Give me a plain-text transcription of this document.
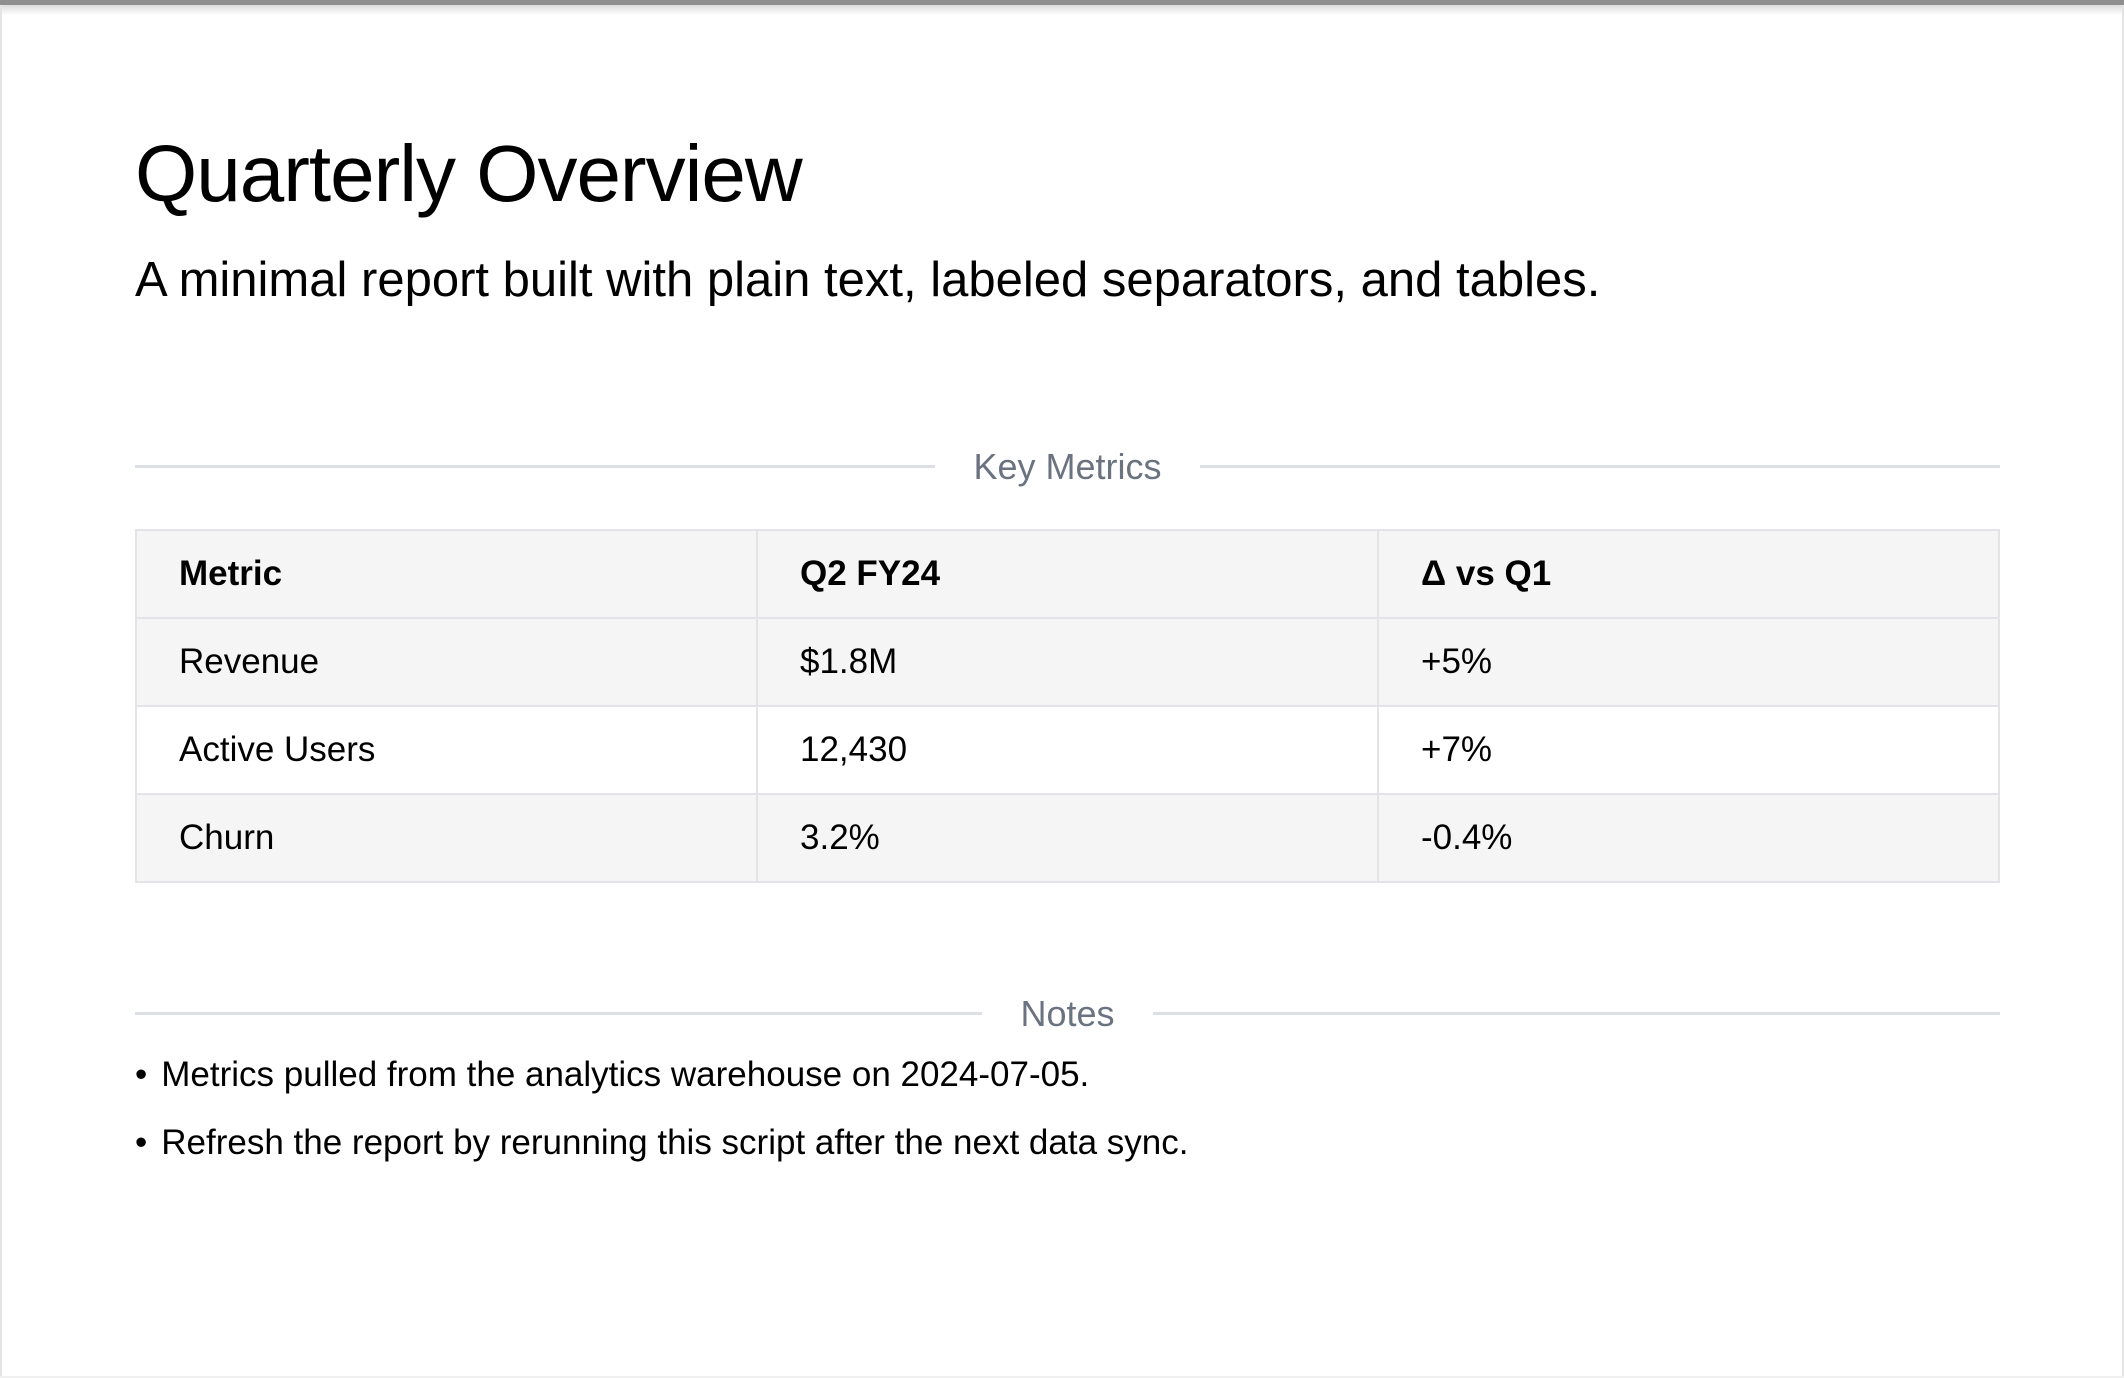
Quarterly Overview

A minimal report built with plain text, labeled separators, and tables.

Key Metrics
Metric	Q2 FY24	Δ vs Q1
Revenue	$1.8M	+5%
Active Users	12,430	+7%
Churn	3.2%	-0.4%
Notes

• Metrics pulled from the analytics warehouse on 2024-07-05.

• Refresh the report by rerunning this script after the next data sync.
